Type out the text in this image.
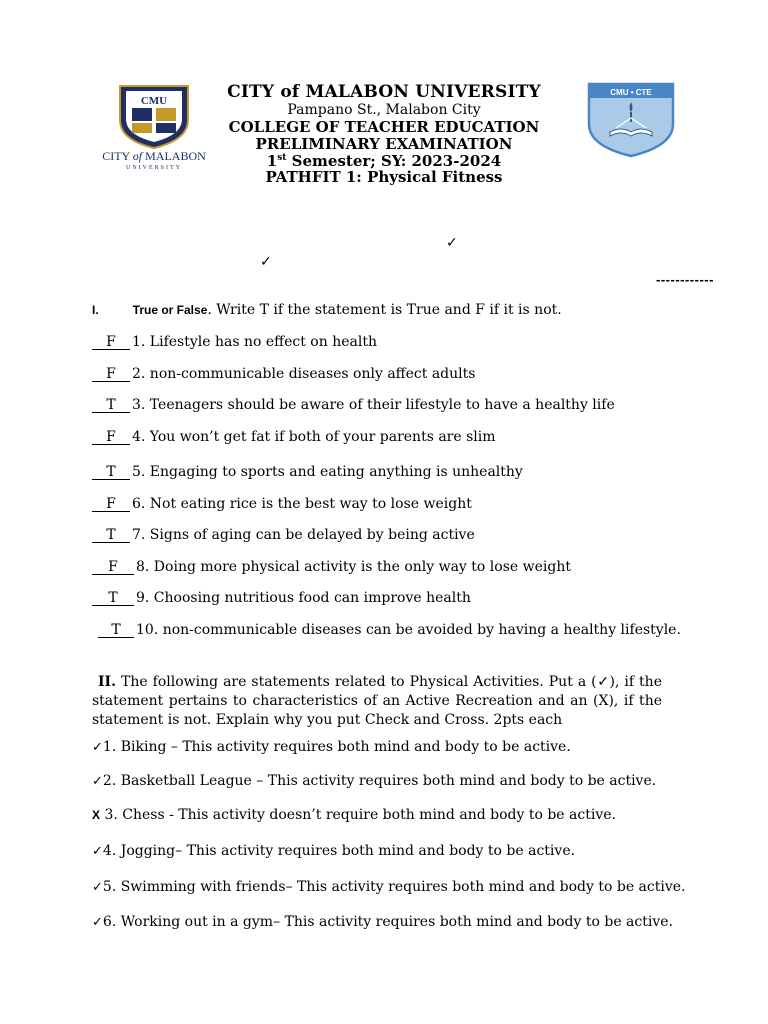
CMU
CITY of MALABON
UNIVERSITY
CMU • CTE
CITY of MALABON UNIVERSITY
Pampano St., Malabon City
COLLEGE OF TEACHER EDUCATION
PRELIMINARY EXAMINATION
1st Semester; SY: 2023-2024
PATHFIT 1: Physical Fitness
✓
✓
------------
I.	True or False. Write T if the statement is True and F if it is not.
F 1. Lifestyle has no effect on health
F 2. non-communicable diseases only affect adults
T 3. Teenagers should be aware of their lifestyle to have a healthy life
F 4. You won’t get fat if both of your parents are slim
T 5. Engaging to sports and eating anything is unhealthy
F 6. Not eating rice is the best way to lose weight
T 7. Signs of aging can be delayed by being active
F 8. Doing more physical activity is the only way to lose weight
T 9. Choosing nutritious food can improve health
T 10. non-communicable diseases can be avoided by having a healthy lifestyle.
II. The following are statements related to Physical Activities. Put a (✓), if the statement pertains to characteristics of an Active Recreation and an (X), if the statement is not. Explain why you put Check and Cross. 2pts each
✓1. Biking – This activity requires both mind and body to be active.
✓2. Basketball League – This activity requires both mind and body to be active.
X 3. Chess - This activity doesn’t require both mind and body to be active.
✓4. Jogging– This activity requires both mind and body to be active.
✓5. Swimming with friends– This activity requires both mind and body to be active.
✓6. Working out in a gym– This activity requires both mind and body to be active.
